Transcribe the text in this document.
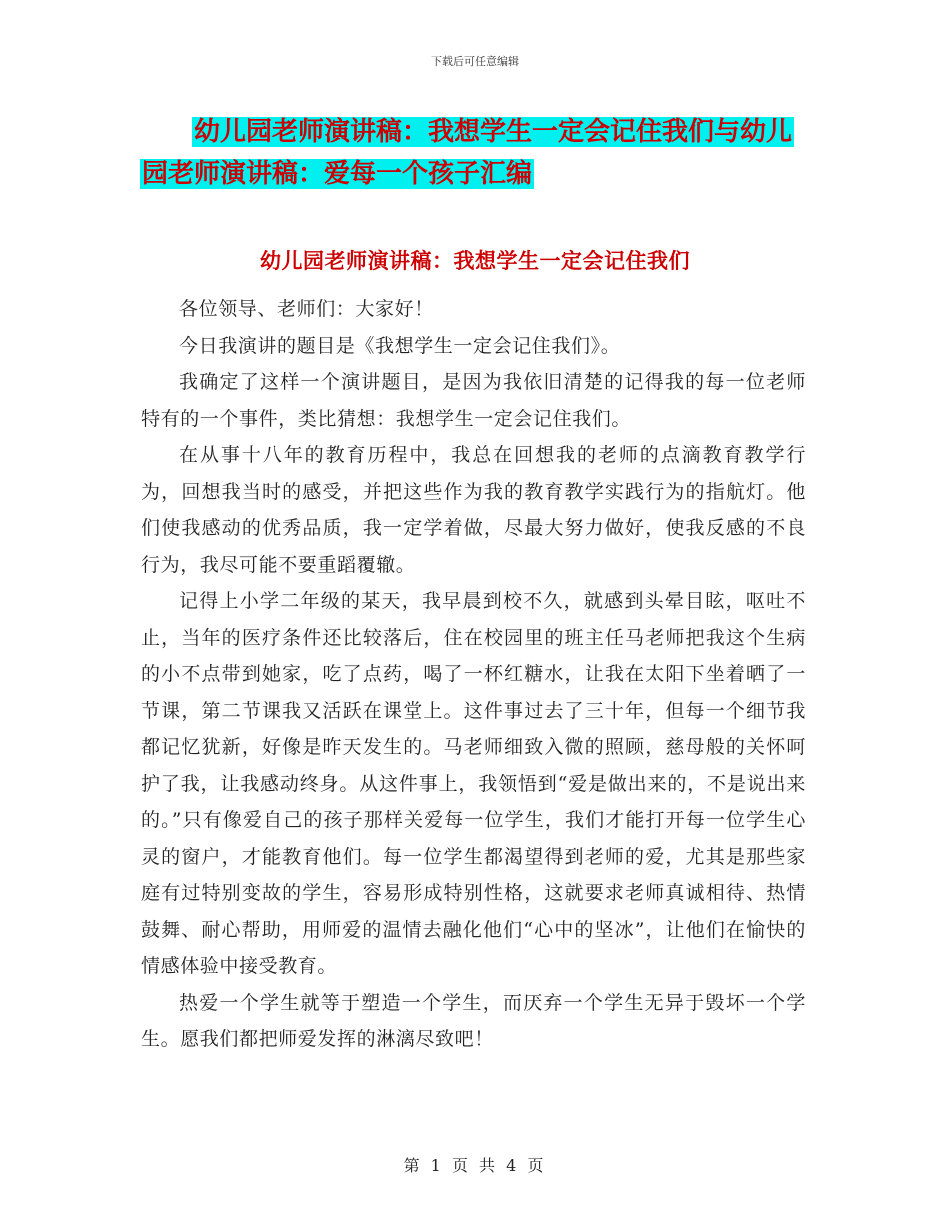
下载后可任意编辑
幼儿园老师演讲稿：我想学生一定会记住我们与幼儿
园老师演讲稿：爱每一个孩子汇编
幼儿园老师演讲稿：我想学生一定会记住我们

各位领导、老师们：大家好！

今日我演讲的题目是《我想学生一定会记住我们》。

我确定了这样一个演讲题目，是因为我依旧清楚的记得我的每一位老师特有的一个事件，类比猜想：我想学生一定会记住我们。

在从事十八年的教育历程中，我总在回想我的老师的点滴教育教学行为，回想我当时的感受，并把这些作为我的教育教学实践行为的指航灯。他们使我感动的优秀品质，我一定学着做，尽最大努力做好，使我反感的不良行为，我尽可能不要重蹈覆辙。

记得上小学二年级的某天，我早晨到校不久，就感到头晕目眩，呕吐不止，当年的医疗条件还比较落后，住在校园里的班主任马老师把我这个生病的小不点带到她家，吃了点药，喝了一杯红糖水，让我在太阳下坐着晒了一节课，第二节课我又活跃在课堂上。这件事过去了三十年，但每一个细节我都记忆犹新，好像是昨天发生的。马老师细致入微的照顾，慈母般的关怀呵护了我，让我感动终身。从这件事上，我领悟到“爱是做出来的，不是说出来的。”只有像爱自己的孩子那样关爱每一位学生，我们才能打开每一位学生心灵的窗户，才能教育他们。每一位学生都渴望得到老师的爱，尤其是那些家庭有过特别变故的学生，容易形成特别性格，这就要求老师真诚相待、热情鼓舞、耐心帮助，用师爱的温情去融化他们“心中的坚冰”，让他们在愉快的情感体验中接受教育。

热爱一个学生就等于塑造一个学生，而厌弃一个学生无异于毁坏一个学生。愿我们都把师爱发挥的淋漓尽致吧！

第 1 页 共 4 页
